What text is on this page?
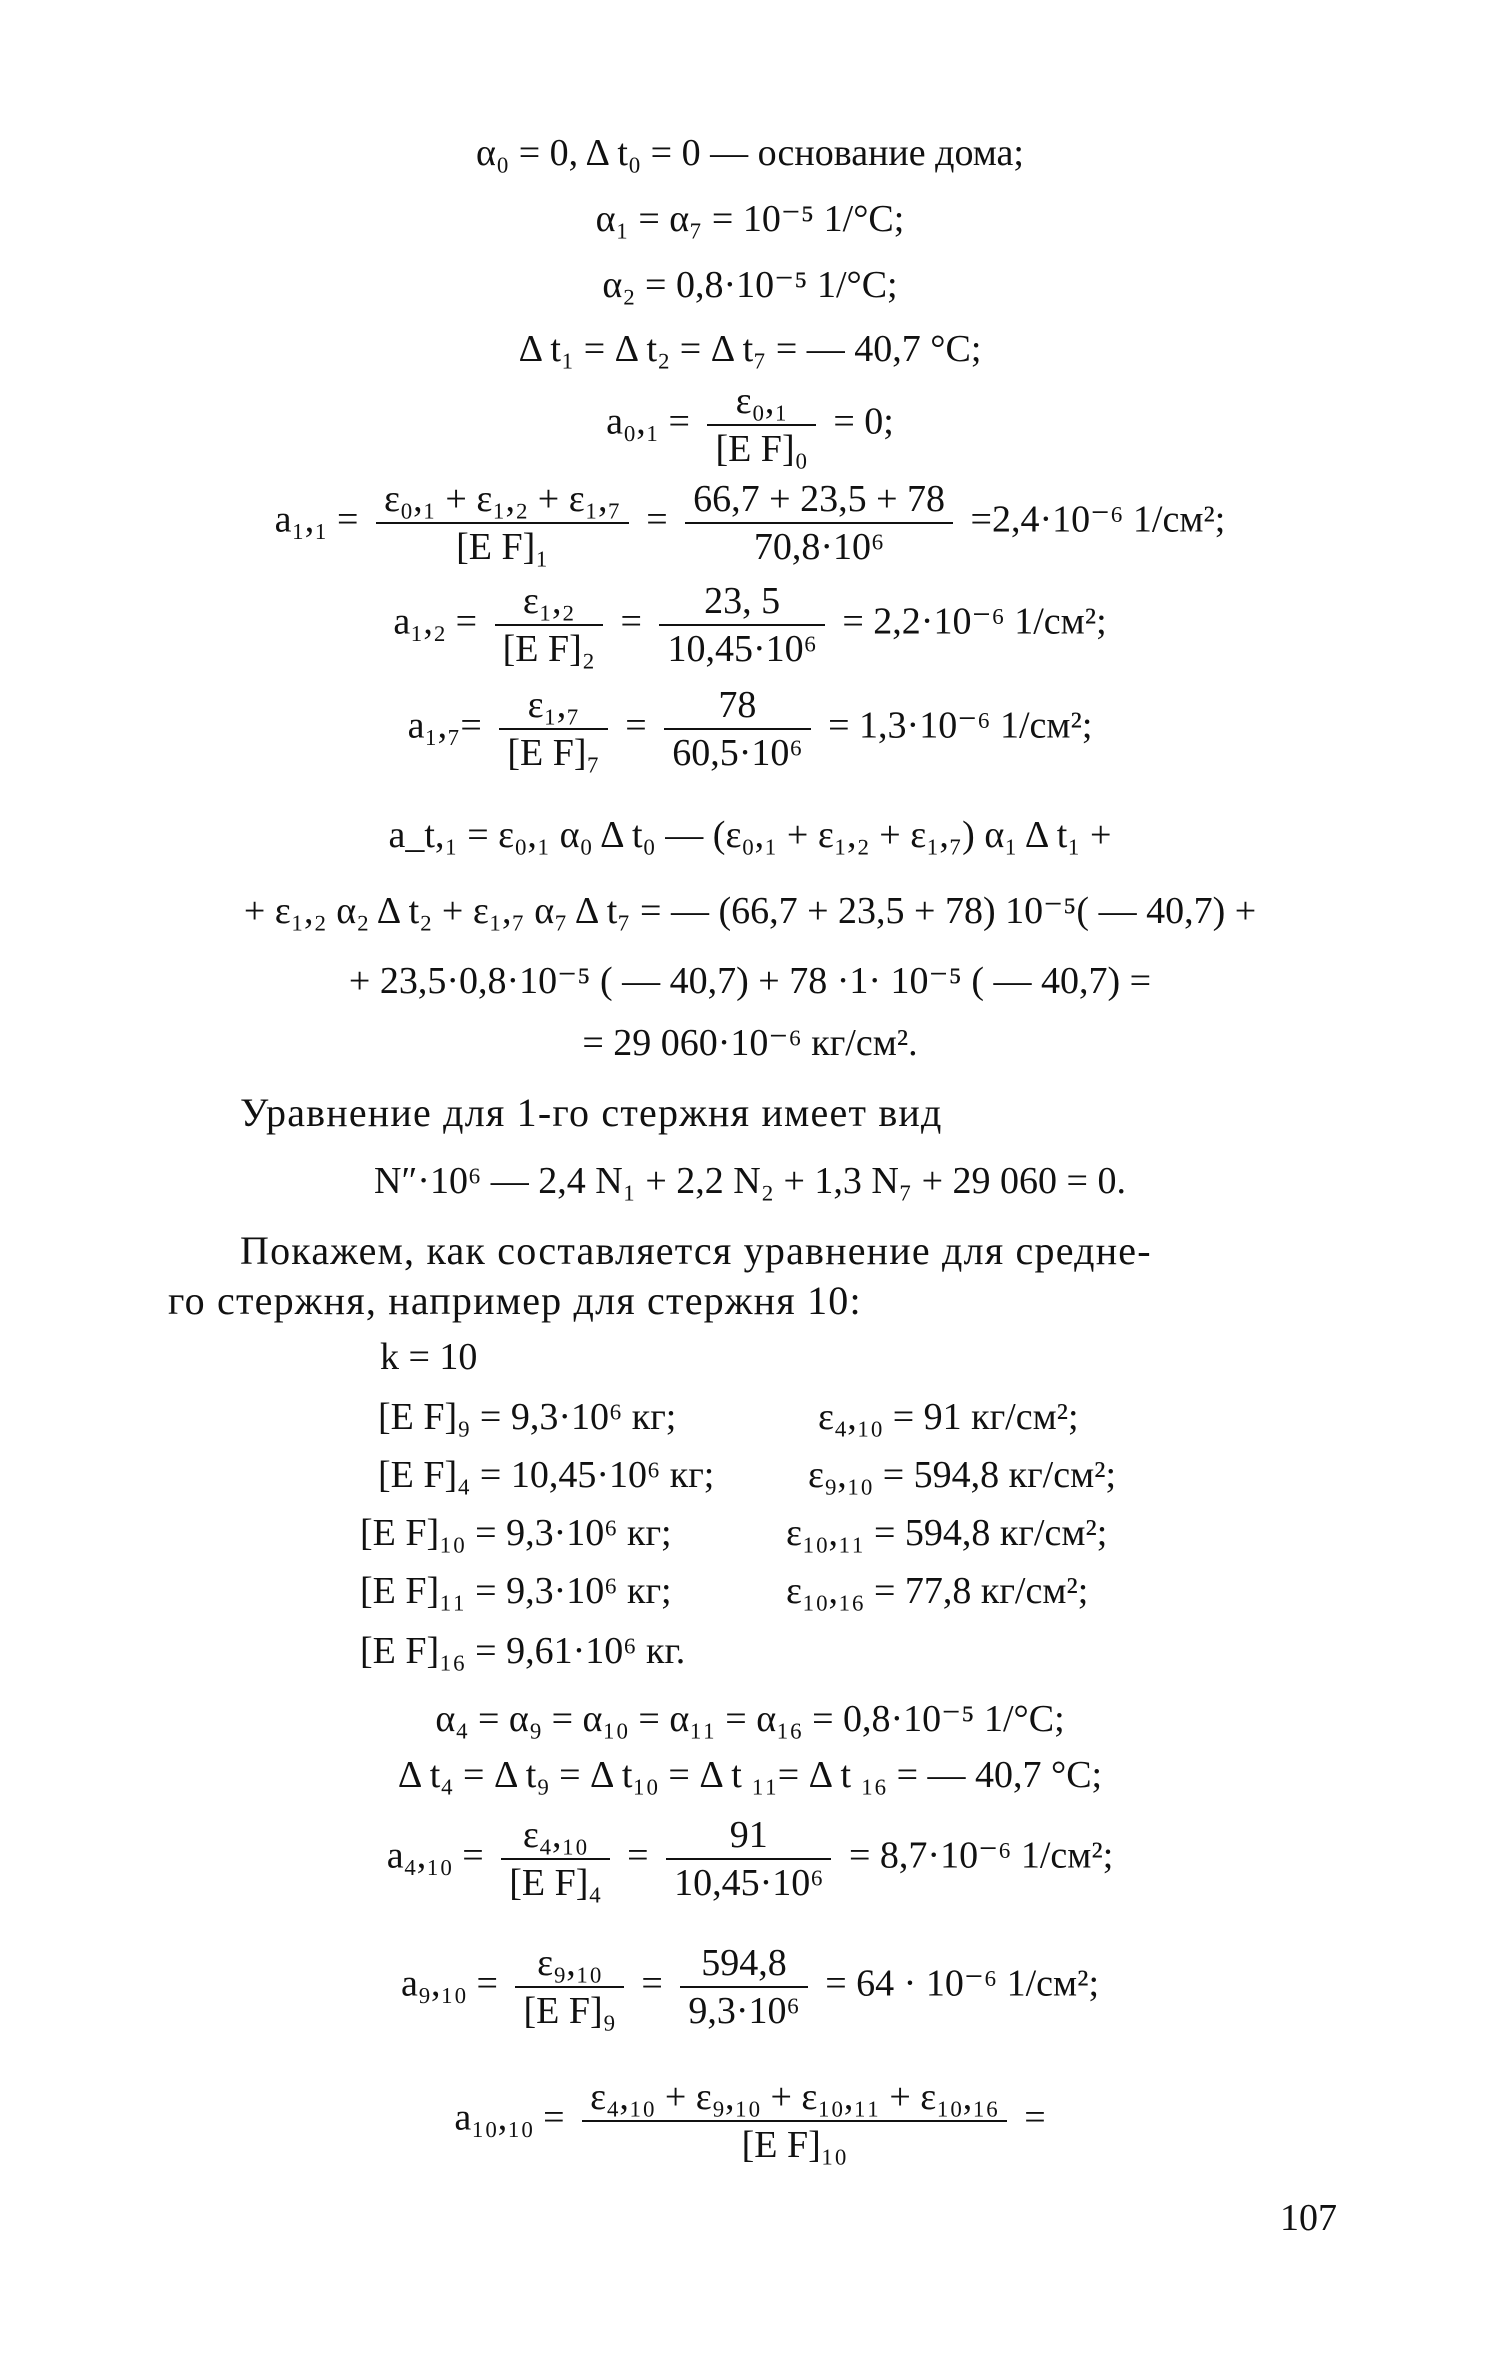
α₀ = 0, Δ t₀ = 0 — основание дома;
α₁ = α₇ = 10⁻⁵ 1/°C;
α₂ = 0,8·10⁻⁵ 1/°C;
Δ t₁ = Δ t₂ = Δ t₇ = — 40,7 °C;
$a_0,_1 = \frac{\text{ε₀,₁}}{\text{[E F]₀}} = 0$;
$a_1,_1 = \frac{\text{ε₀,₁ + ε₁,₂ + ε₁,₇}}{\text{[E F]₁}} = \frac{66,7 + 23,5 + 78}{\text{70,8·10⁶}} =2,4\cdot 10^{-6}$ 1/см²;
$a_1,_2 = \frac{\text{ε₁,₂}}{\text{[E F]₂}} = \frac{23, 5}{\text{10,45·10⁶}} = 2,2\cdot 10^{-6}$ 1/см²;
$a_1,_7= \frac{\text{ε₁,₇}}{\text{[E F]₇}} = \frac{78}{\text{60,5·10⁶}} = 1,3\cdot 10^{-6}$ 1/см²;
a_t,₁ = ε₀,₁ α₀ Δ t₀ — (ε₀,₁ + ε₁,₂ + ε₁,₇) α₁ Δ t₁ +
+ ε₁,₂ α₂ Δ t₂ + ε₁,₇ α₇ Δ t₇ = — (66,7 + 23,5 + 78) 10⁻⁵( — 40,7) +
+ 23,5·0,8·10⁻⁵ ( — 40,7) + 78 ·1· 10⁻⁵ ( — 40,7) =
= 29 060·10⁻⁶ кг/см².
Уравнение для 1-го стержня имеет вид
N″·10⁶ — 2,4 N₁ + 2,2 N₂ + 1,3 N₇ + 29 060 = 0.
Покажем, как составляется уравнение для средне-
го стержня, например для стержня 10:
k = 10
[E F]₉ = 9,3·10⁶ кг;	ε₄,₁₀ = 91 кг/см²;
[E F]₄ = 10,45·10⁶ кг; ε₉,₁₀ = 594,8 кг/см²;
[E F]₁₀ = 9,3·10⁶ кг;	ε₁₀,₁₁ = 594,8 кг/см²;
[E F]₁₁ = 9,3·10⁶ кг;	ε₁₀,₁₆ = 77,8 кг/см²;
[E F]₁₆ = 9,61·10⁶ кг.
α₄ = α₉ = α₁₀ = α₁₁ = α₁₆ = 0,8·10⁻⁵ 1/°C;
Δ t₄ = Δ t₉ = Δ t₁₀ = Δ t ₁₁= Δ t ₁₆ = — 40,7 °C;
$a_4,_{10} = \frac{\text{ε₄,₁₀}}{\text{[E F]₄}} = \frac{91}{\text{10,45·10⁶}} = 8,7\cdot 10^{-6}$ 1/см²;
$a_9,_{10} = \frac{\text{ε₉,₁₀}}{\text{[E F]₉}} = \frac{594,8}{\text{9,3·10⁶}} = 64 \cdot 10^{-6}$ 1/см²;
$a_{10},_{10} = \frac{\text{ε₄,₁₀ + ε₉,₁₀ + ε₁₀,₁₁ + ε₁₀,₁₆}}{\text{[E F]₁₀}}$ =
107
